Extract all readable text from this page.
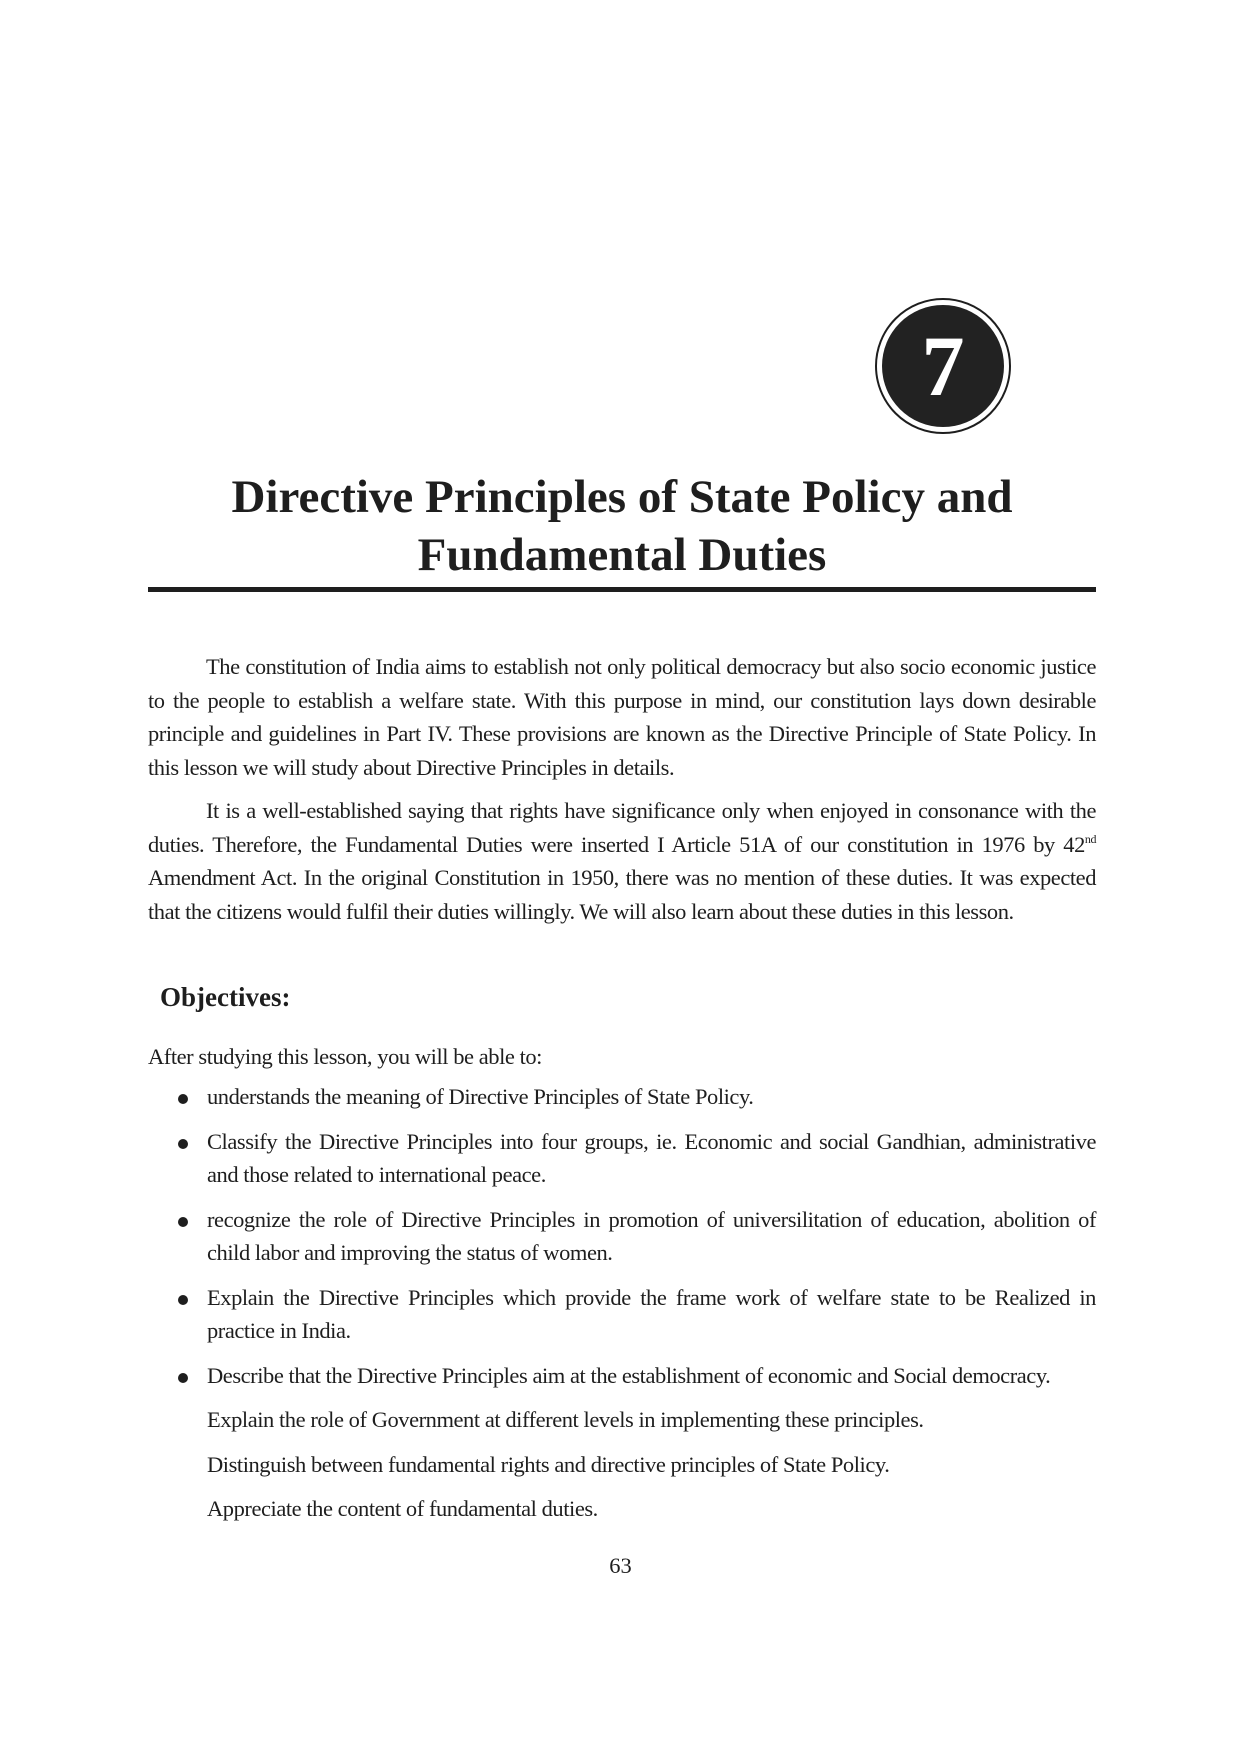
7
Directive Principles of State Policy and
Fundamental Duties

The constitution of India aims to establish not only political democracy but also socio economic justice to the people to establish a welfare state. With this purpose in mind, our constitution lays down desirable principle and guidelines in Part IV. These provisions are known as the Directive Principle of State Policy. In this lesson we will study about Directive Principles in details.

It is a well-established saying that rights have significance only when enjoyed in consonance with the duties. Therefore, the Fundamental Duties were inserted I Article 51A of our constitution in 1976 by 42nd Amendment Act. In the original Constitution in 1950, there was no mention of these duties. It was expected that the citizens would fulfil their duties willingly. We will also learn about these duties in this lesson.

Objectives:

After studying this lesson, you will be able to:

understands the meaning of Directive Principles of State Policy.
Classify the Directive Principles into four groups, ie. Economic and social Gandhian, administrative and those related to international peace.
recognize the role of Directive Principles in promotion of universilitation of education, abolition of child labor and improving the status of women.
Explain the Directive Principles which provide the frame work of welfare state to be Realized in practice in India.
Describe that the Directive Principles aim at the establishment of economic and Social democracy.
Explain the role of Government at different levels in implementing these principles.
Distinguish between fundamental rights and directive principles of State Policy.
Appreciate the content of fundamental duties.
63
